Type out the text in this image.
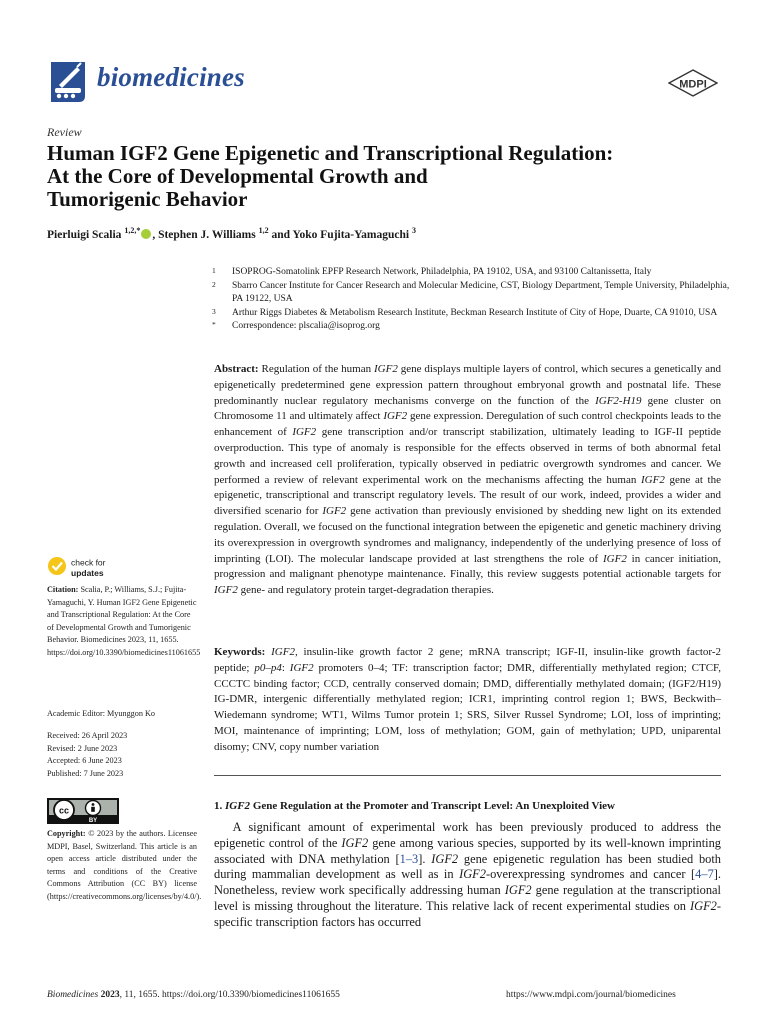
biomedicines	MDPI
Review
Human IGF2 Gene Epigenetic and Transcriptional Regulation:
At the Core of Developmental Growth and
Tumorigenic Behavior
Pierluigi Scalia $^{1,2,*}$ , Stephen J. Williams $^{1,2}$ and Yoko Fujita-Yamaguchi $^3$
1 ISOPROG-Somatolink EPFP Research Network, Philadelphia, PA 19102, USA, and 93100 Caltanissetta, Italy
2 Sbarro Cancer Institute for Cancer Research and Molecular Medicine, CST, Biology Department, Temple University, Philadelphia, PA 19122, USA
3 Arthur Riggs Diabetes & Metabolism Research Institute, Beckman Research Institute of City of Hope, Duarte, CA 91010, USA
* Correspondence: plscalia@isoprog.org
Abstract: Regulation of the human IGF2 gene displays multiple layers of control, which secures a genetically and epigenetically predetermined gene expression pattern throughout embryonal growth and postnatal life. These predominantly nuclear regulatory mechanisms converge on the function of the IGF2-H19 gene cluster on Chromosome 11 and ultimately affect IGF2 gene expression. Deregulation of such control checkpoints leads to the enhancement of IGF2 gene transcription and/or transcript stabilization, ultimately leading to IGF-II peptide overproduction. This type of anomaly is responsible for the effects observed in terms of both abnormal fetal growth and increased cell proliferation, typically observed in pediatric overgrowth syndromes and cancer. We performed a review of relevant experimental work on the mechanisms affecting the human IGF2 gene at the epigenetic, transcriptional and transcript regulatory levels. The result of our work, indeed, provides a wider and diversified scenario for IGF2 gene activation than previously envisioned by shedding new light on its extended regulation. Overall, we focused on the functional integration between the epigenetic and genetic machinery driving its overexpression in overgrowth syndromes and malignancy, independently of the underlying presence of loss of imprinting (LOI). The molecular landscape provided at last strengthens the role of IGF2 in cancer initiation, progression and malignant phenotype maintenance. Finally, this review suggests potential actionable targets for IGF2 gene- and regulatory protein target-degradation therapies.
Keywords: IGF2, insulin-like growth factor 2 gene; mRNA transcript; IGF-II, insulin-like growth factor-2 peptide; p0–p4: IGF2 promoters 0–4; TF: transcription factor; DMR, differentially methylated region; CTCF, CCCTC binding factor; CCD, centrally conserved domain; DMD, differentially methylated domain; (IGF2/H19) IG-DMR, intergenic differentially methylated region; ICR1, imprinting control region 1; BWS, Beckwith–Wiedemann syndrome; WT1, Wilms Tumor protein 1; SRS, Silver Russel Syndrome; LOI, loss of imprinting; MOI, maintenance of imprinting; LOM, loss of methylation; GOM, gain of methylation; UPD, uniparental disomy; CNV, copy number variation
1. IGF2 Gene Regulation at the Promoter and Transcript Level: An Unexploited View
  A significant amount of experimental work has been previously produced to address the epigenetic control of the IGF2 gene among various species, supported by its well-known imprinting associated with DNA methylation [1–3]. IGF2 gene epigenetic regulation has been studied both during mammalian development as well as in IGF2-overexpressing syndromes and cancer [4–7]. Nonetheless, review work specifically addressing human IGF2 gene regulation at the transcriptional level is missing throughout the literature. This relative lack of recent experimental studies on IGF2-specific transcription factors has occurred
check for
updates
Citation: Scalia, P.; Williams, S.J.; Fujita-Yamaguchi, Y. Human IGF2 Gene Epigenetic and Transcriptional Regulation: At the Core of Developmental Growth and Tumorigenic Behavior. Biomedicines 2023, 11, 1655. https://doi.org/10.3390/biomedicines11061655
Academic Editor: Myunggon Ko
Received: 26 April 2023
Revised: 2 June 2023
Accepted: 6 June 2023
Published: 7 June 2023
cc
BY
Copyright: © 2023 by the authors. Licensee MDPI, Basel, Switzerland. This article is an open access article distributed under the terms and conditions of the Creative Commons Attribution (CC BY) license (https://creativecommons.org/licenses/by/4.0/).
Biomedicines 2023, 11, 1655. https://doi.org/10.3390/biomedicines11061655	https://www.mdpi.com/journal/biomedicines
